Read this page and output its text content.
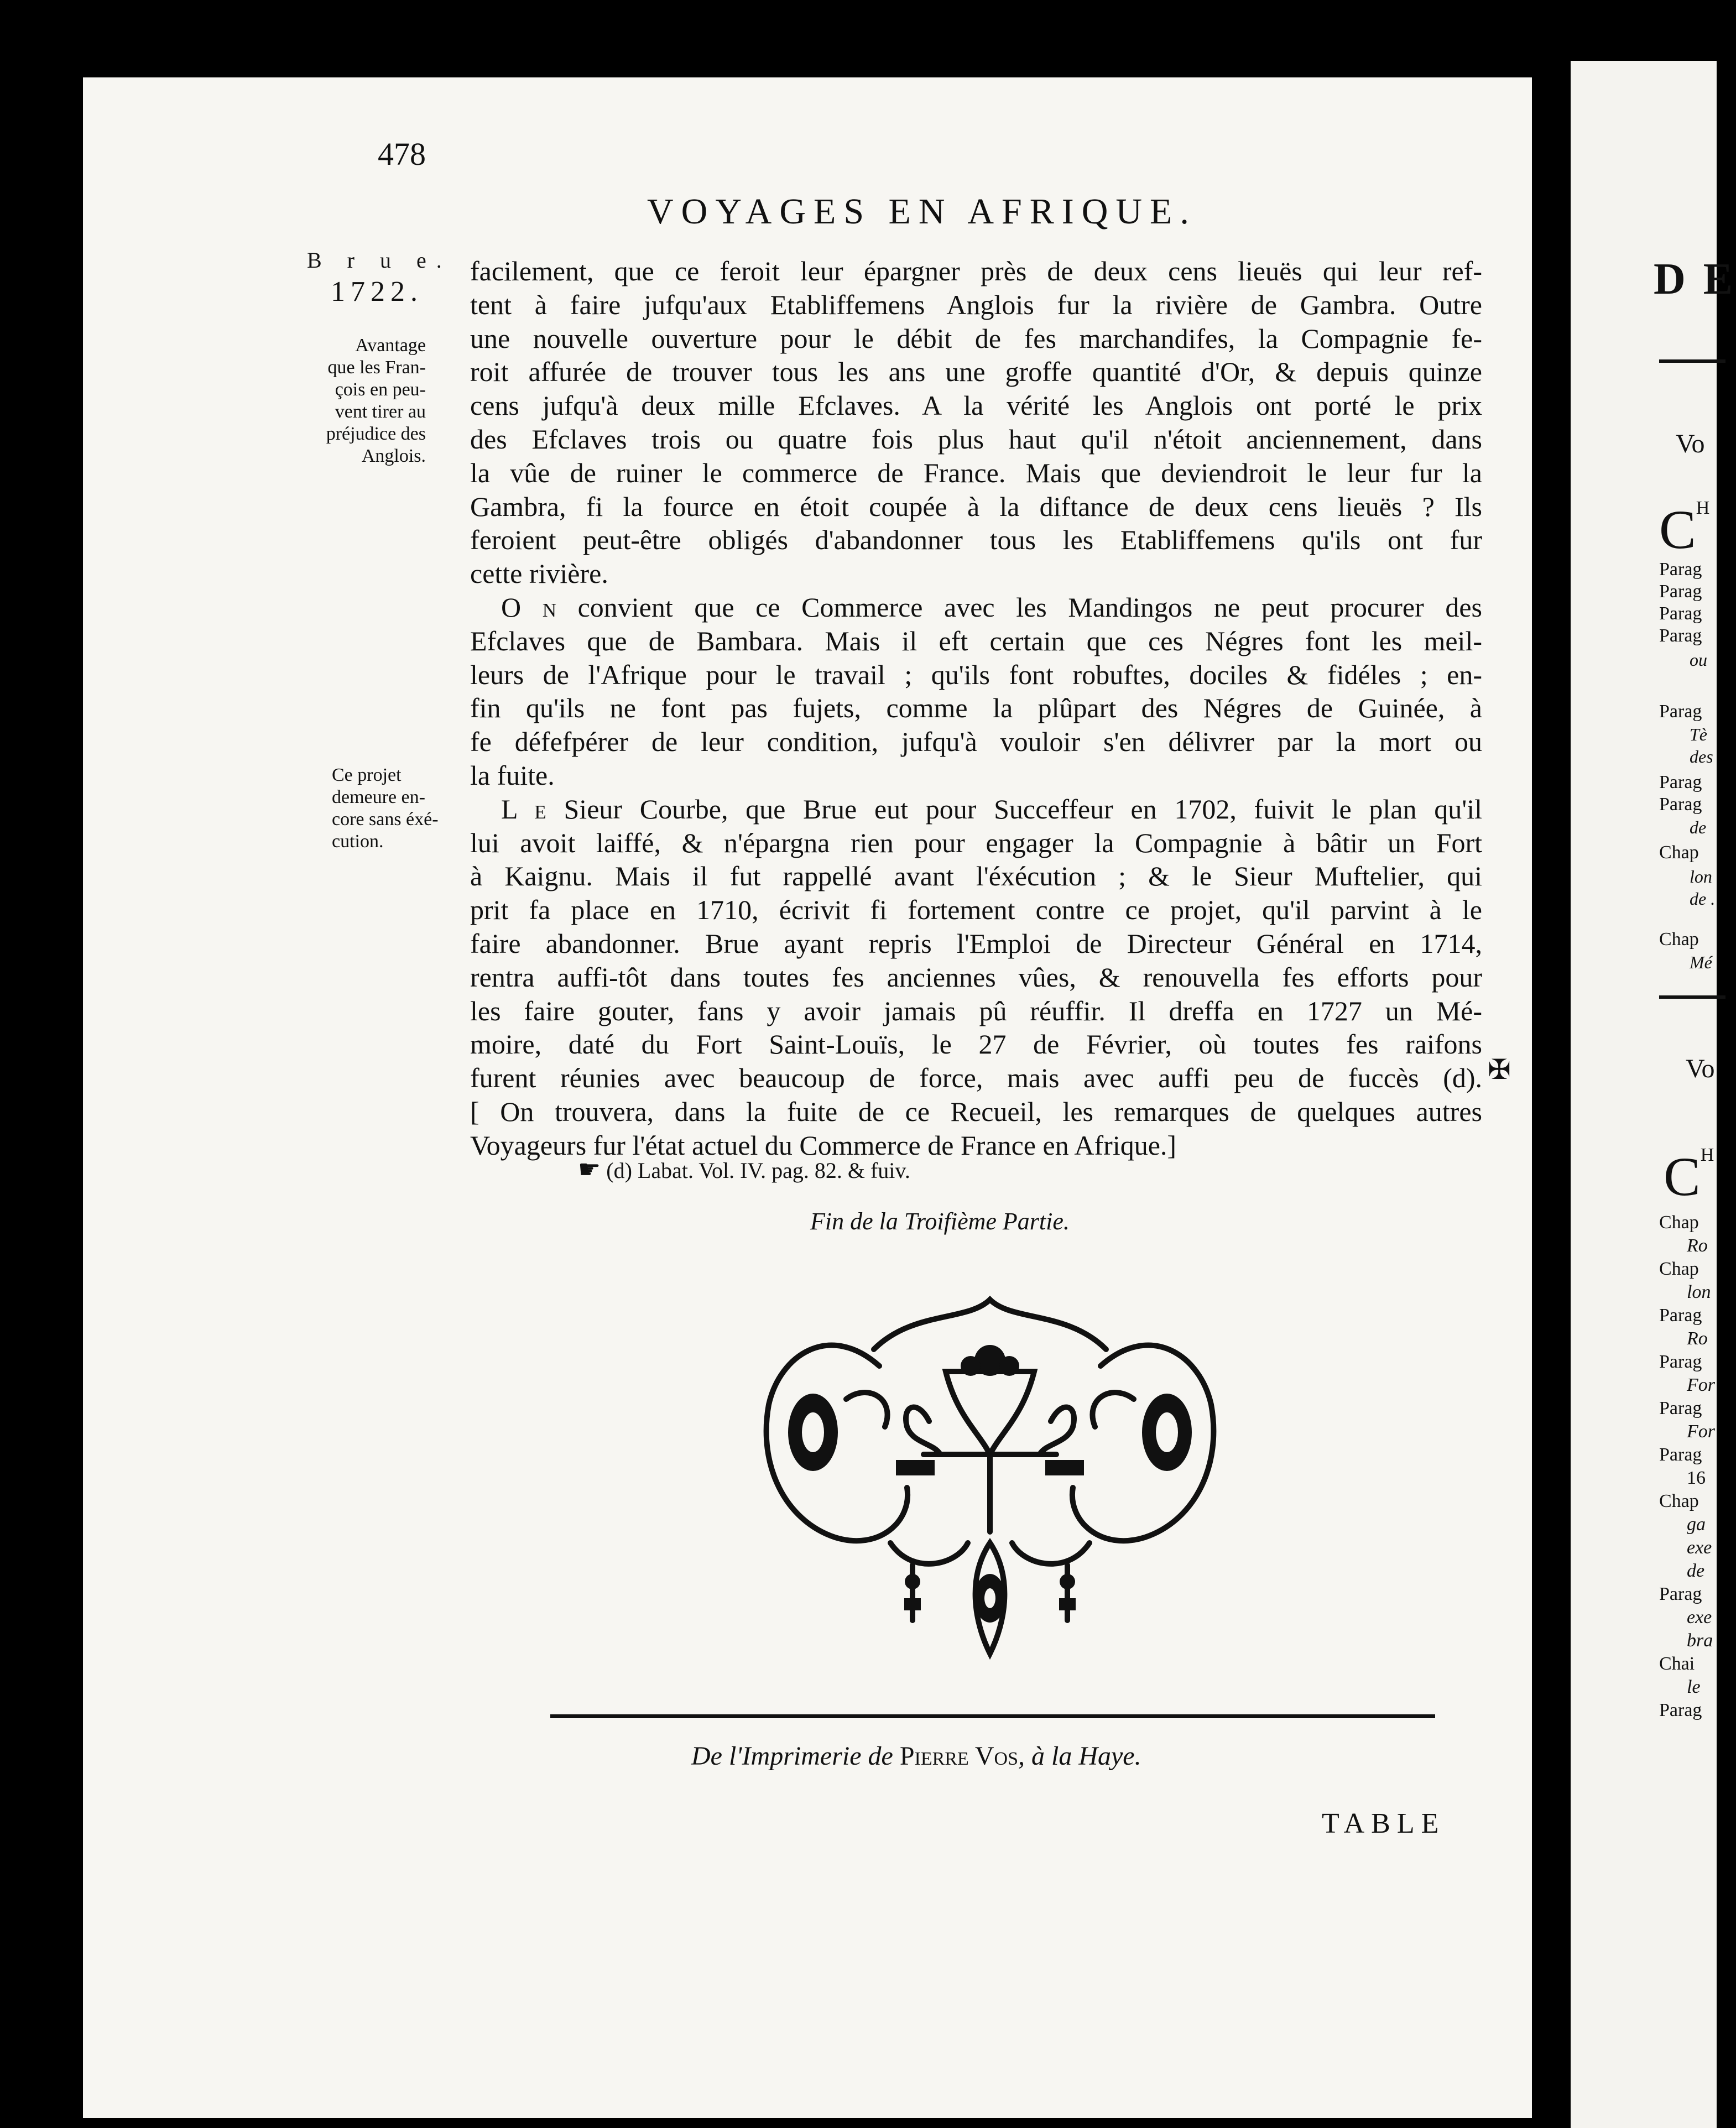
478
VOYAGES EN AFRIQUE.
B r u e.
1722.
Avantage
que les Fran-
çois en peu-
vent tirer au
préjudice des
Anglois.
Ce projet
demeure en-
core sans éxé-
cution.
facilement, que ce feroit leur épargner près de deux cens lieuës qui leur ref-
tent à faire jufqu'aux Etabliffemens Anglois fur la rivière de Gambra. Outre
une nouvelle ouverture pour le débit de fes marchandifes, la Compagnie fe-
roit affurée de trouver tous les ans une groffe quantité d'Or, & depuis quinze
cens jufqu'à deux mille Efclaves. A la vérité les Anglois ont porté le prix
des Efclaves trois ou quatre fois plus haut qu'il n'étoit anciennement, dans
la vûe de ruiner le commerce de France. Mais que deviendroit le leur fur la
Gambra, fi la fource en étoit coupée à la diftance de deux cens lieuës ? Ils
feroient peut-être obligés d'abandonner tous les Etabliffemens qu'ils ont fur
cette rivière.
O n convient que ce Commerce avec les Mandingos ne peut procurer des
Efclaves que de Bambara. Mais il eft certain que ces Négres font les meil-
leurs de l'Afrique pour le travail ; qu'ils font robuftes, dociles & fidéles ; en-
fin qu'ils ne font pas fujets, comme la plûpart des Négres de Guinée, à
fe défefpérer de leur condition, jufqu'à vouloir s'en délivrer par la mort ou
la fuite.
L e Sieur Courbe, que Brue eut pour Succeffeur en 1702, fuivit le plan qu'il
lui avoit laiffé, & n'épargna rien pour engager la Compagnie à bâtir un Fort
à Kaignu. Mais il fut rappellé avant l'éxécution ; & le Sieur Muftelier, qui
prit fa place en 1710, écrivit fi fortement contre ce projet, qu'il parvint à le
faire abandonner. Brue ayant repris l'Emploi de Directeur Général en 1714,
rentra auffi-tôt dans toutes fes anciennes vûes, & renouvella fes efforts pour
les faire gouter, fans y avoir jamais pû réuffir. Il dreffa en 1727 un Mé-
moire, daté du Fort Saint-Louïs, le 27 de Février, où toutes fes raifons
furent réunies avec beaucoup de force, mais avec auffi peu de fuccès (d).
[ On trouvera, dans la fuite de ce Recueil, les remarques de quelques autres
Voyageurs fur l'état actuel du Commerce de France en Afrique.]
✠
☛ (d) Labat. Vol. IV. pag. 82. & fuiv.
Fin de la Troifième Partie.
De l'Imprimerie de Pierre Vos, à la Haye.
TABLE
D E
Vo
$C^H$
Parag
Parag
Parag
Parag
ou
Parag
Tè
des
Parag
Parag
de
Chap
lon
de .
Chap
Mé
Vo
$C^H$
Chap
Ro
Chap
lon
Parag
Ro
Parag
For
Parag
For
Parag
16
Chap
ga
exe
de
Parag
exe
bra
Chai
le
Parag
